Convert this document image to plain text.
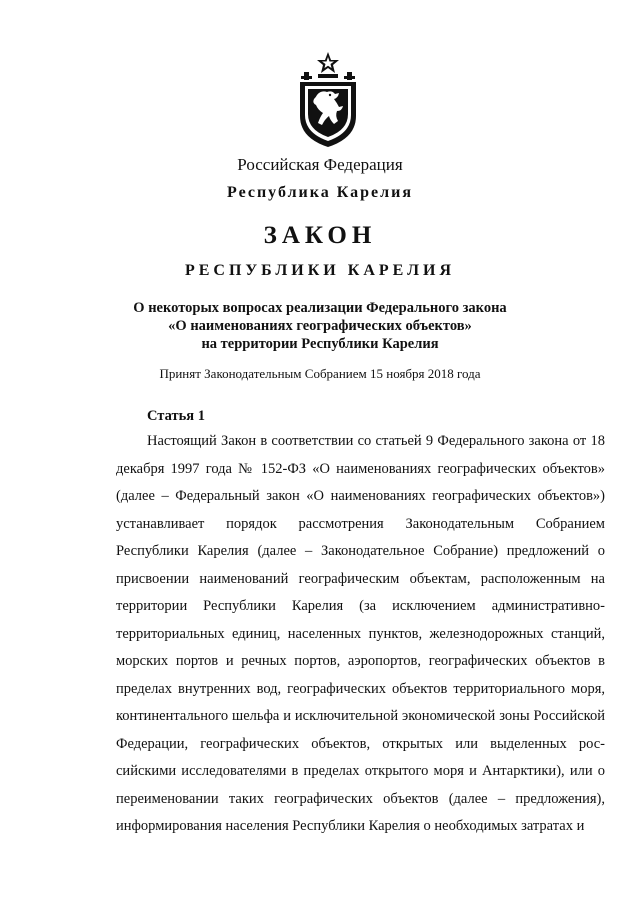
Российская Федерация
Республика Карелия
ЗАКОН
РЕСПУБЛИКИ КАРЕЛИЯ
О некоторых вопросах реализации Федерального закона
«О наименованиях географических объектов»
на территории Республики Карелия
Принят Законодательным Собранием 15 ноября 2018 года
Статья 1

Настоящий Закон в соответствии со статьей 9 Федерального закона от 18 декабря 1997 года № 152-ФЗ «О наименованиях географических объектов» (далее – Федеральный закон «О наименованиях географических объектов») устанавливает порядок рассмотрения Законодательным Собранием Республики Карелия (далее – Законодательное Собрание) предложений о присвоении наименований географическим объектам, расположенным на территории Республики Карелия (за исключением административно-территориальных единиц, населенных пунктов, железнодорожных станций, морских портов и речных портов, аэропортов, географических объектов в пределах внутренних вод, географических объектов территориального моря, континентального шельфа и исключительной экономической зоны Российской Федерации, географических объектов, открытых или выделенных российскими исследователями в пределах открытого моря и Антарктики), или о переименовании таких географических объектов (далее – предложения), информирования населения Республики Карелия о необходимых затратах и
